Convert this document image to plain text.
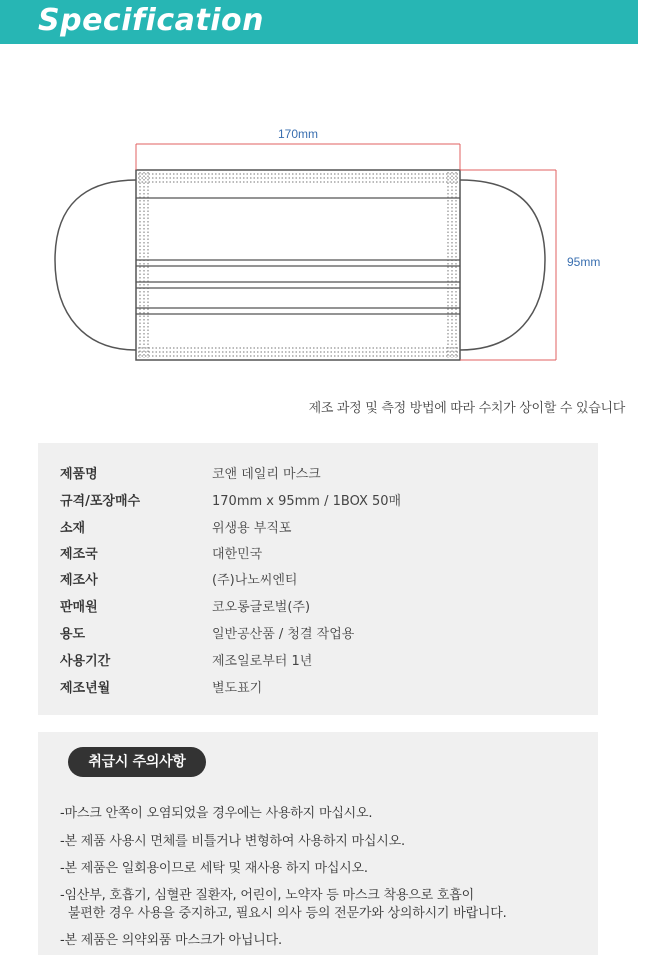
Specification
170mm
95mm
제조 과정 및 측정 방법에 따라 수치가 상이할 수 있습니다
제품명	코앤 데일리 마스크
규격/포장매수	170mm x 95mm / 1BOX 50매
소재	위생용 부직포
제조국	대한민국
제조사	(주)나노씨엔티
판매원	코오롱글로벌(주)
용도	일반공산품 / 청결 작업용
사용기간	제조일로부터 1년
제조년월	별도표기
취급시 주의사항
-마스크 안쪽이 오염되었을 경우에는 사용하지 마십시오.
-본 제품 사용시 면체를 비틀거나 변형하여 사용하지 마십시오.
-본 제품은 일회용이므로 세탁 및 재사용 하지 마십시오.
-임산부, 호흡기, 심혈관 질환자, 어린이, 노약자 등 마스크 착용으로 호흡이
불편한 경우 사용을 중지하고, 필요시 의사 등의 전문가와 상의하시기 바랍니다.
-본 제품은 의약외품 마스크가 아닙니다.
